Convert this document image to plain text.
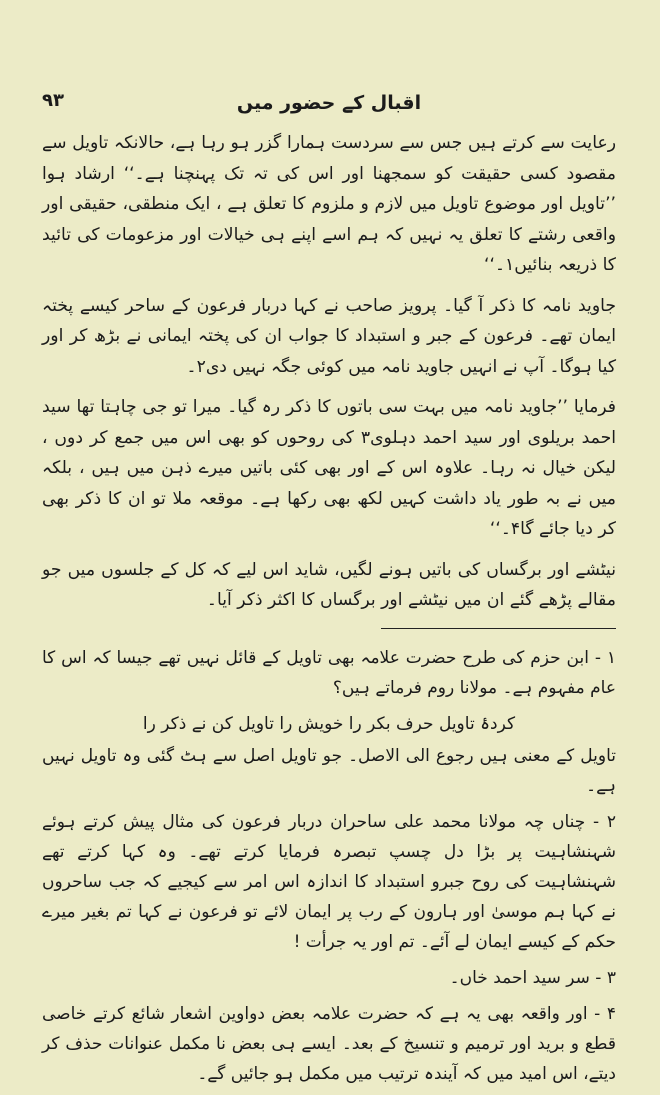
اقبال کے حضور میں
۹۳

رعایت سے کرتے ہیں جس سے سردست ہمارا گزر ہو رہا ہے، حالانکہ تاویل سے مقصود کسی حقیقت کو سمجھنا اور اس کی تہ تک پہنچنا ہے۔‘‘ ارشاد ہوا ’’تاویل اور موضوع تاویل میں لازم و ملزوم کا تعلق ہے ، ایک منطقی، حقیقی اور واقعی رشتے کا تعلق یہ نہیں کہ ہم اسے اپنے ہی خیالات اور مزعومات کی تائید کا ذریعہ بنائیں۱۔‘‘

جاوید نامہ کا ذکر آ گیا۔ پرویز صاحب نے کہا دربار فرعون کے ساحر کیسے پختہ ایمان تھے۔ فرعون کے جبر و استبداد کا جواب ان کی پختہ ایمانی نے بڑھ کر اور کیا ہوگا۔ آپ نے انہیں جاوید نامہ میں کوئی جگہ نہیں دی۲۔

فرمایا ’’جاوید نامہ میں بہت سی باتوں کا ذکر رہ گیا۔ میرا تو جی چاہتا تھا سید احمد بریلوی اور سید احمد دہلوی۳ کی روحوں کو بھی اس میں جمع کر دوں ، لیکن خیال نہ رہا۔ علاوہ اس کے اور بھی کئی باتیں میرے ذہن میں ہیں ، بلکہ میں نے بہ طور یاد داشت کہیں لکھ بھی رکھا ہے۔ موقعہ ملا تو ان کا ذکر بھی کر دیا جائے گا۴۔‘‘

نیٹشے اور برگساں کی باتیں ہونے لگیں، شاید اس لیے کہ کل کے جلسوں میں جو مقالے پڑھے گئے ان میں نیٹشے اور برگساں کا اکثر ذکر آیا۔

۱ - ابن حزم کی طرح حضرت علامہ بھی تاویل کے قائل نہیں تھے جیسا کہ اس کا عام مفہوم ہے۔ مولانا روم فرماتے ہیں؟

کردۂ تاویل حرف بکر را خویش را تاویل کن نے ذکر را

تاویل کے معنی ہیں رجوع الی الاصل۔ جو تاویل اصل سے ہٹ گئی وہ تاویل نہیں ہے۔

۲ - چناں چہ مولانا محمد علی ساحران دربار فرعون کی مثال پیش کرتے ہوئے شہنشاہیت پر بڑا دل چسپ تبصرہ فرمایا کرتے تھے۔ وہ کہا کرتے تھے شہنشاہیت کی روح جبرو استبداد کا اندازہ اس امر سے کیجیے کہ جب ساحروں نے کہا ہم موسیٰ اور ہارون کے رب پر ایمان لائے تو فرعون نے کہا تم بغیر میرے حکم کے کیسے ایمان لے آئے۔ تم اور یہ جرأت !

۳ - سر سید احمد خاں۔

۴ - اور واقعہ بھی یہ ہے کہ حضرت علامہ بعض دواوین اشعار شائع کرتے خاصی قطع و برید اور ترمیم و تنسیخ کے بعد۔ ایسے ہی بعض نا مکمل عنوانات حذف کر دیتے، اس امید میں کہ آیندہ ترتیب میں مکمل ہو جائیں گے۔
